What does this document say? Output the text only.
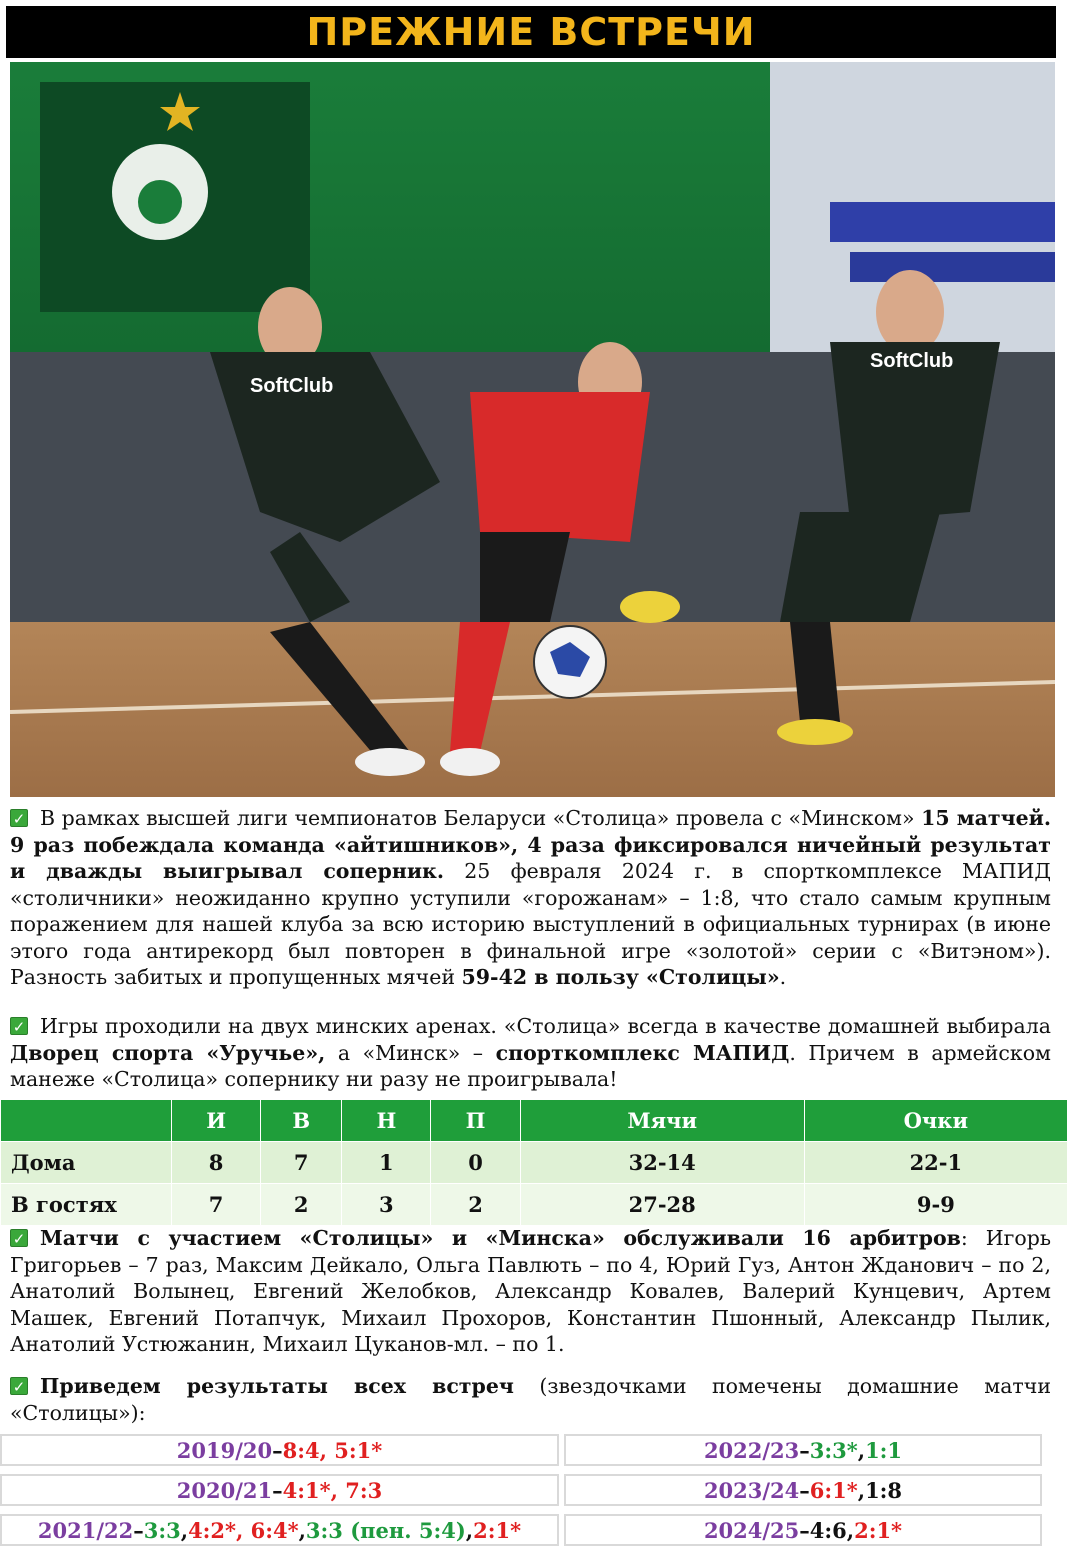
ПРЕЖНИЕ ВСТРЕЧИ
SoftClub
SoftClub
✓ В рамках высшей лиги чемпионатов Беларуси «Столица» провела с «Минском» 15 матчей. 9 раз побеждала команда «айтишников», 4 раза фиксировался ничейный результат и дважды выигрывал соперник. 25 февраля 2024 г. в спорткомплексе МАПИД «столичники» неожиданно крупно уступили «горожанам» – 1:8, что стало самым крупным поражением для нашей клуба за всю историю выступлений в официальных турнирах (в июне этого года антирекорд был повторен в финальной игре «золотой» серии с «Витэном»). Разность забитых и пропущенных мячей 59-42 в пользу «Столицы».
✓ Игры проходили на двух минских аренах. «Столица» всегда в качестве домашней выбирала Дворец спорта «Уручье», а «Минск» – спорткомплекс МАПИД. Причем в армейском манеже «Столица» сопернику ни разу не проигрывала!
	И	В	Н	П	Мячи	Очки
Дома	8	7	1	0	32-14	22-1
В гостях	7	2	3	2	27-28	9-9
✓ Матчи с участием «Столицы» и «Минска» обслуживали 16 арбитров: Игорь Григорьев – 7 раз, Максим Дейкало, Ольга Павлють – по 4, Юрий Гуз, Антон Жданович – по 2, Анатолий Волынец, Евгений Желобков, Александр Ковалев, Валерий Кунцевич, Артем Машек, Евгений Потапчук, Михаил Прохоров, Константин Пшонный, Александр Пылик, Анатолий Устюжанин, Михаил Цуканов-мл. – по 1.
✓ Приведем результаты всех встреч (звездочками помечены домашние матчи «Столицы»):
2019/20 – 8:4, 5:1*	2022/23 – 3:3* , 1:1
2020/21 – 4:1*, 7:3	2023/24 – 6:1* , 1:8
2021/22 – 3:3 , 4:2*, 6:4* , 3:3 (пен. 5:4) , 2:1*	2024/25 – 4:6 , 2:1*
